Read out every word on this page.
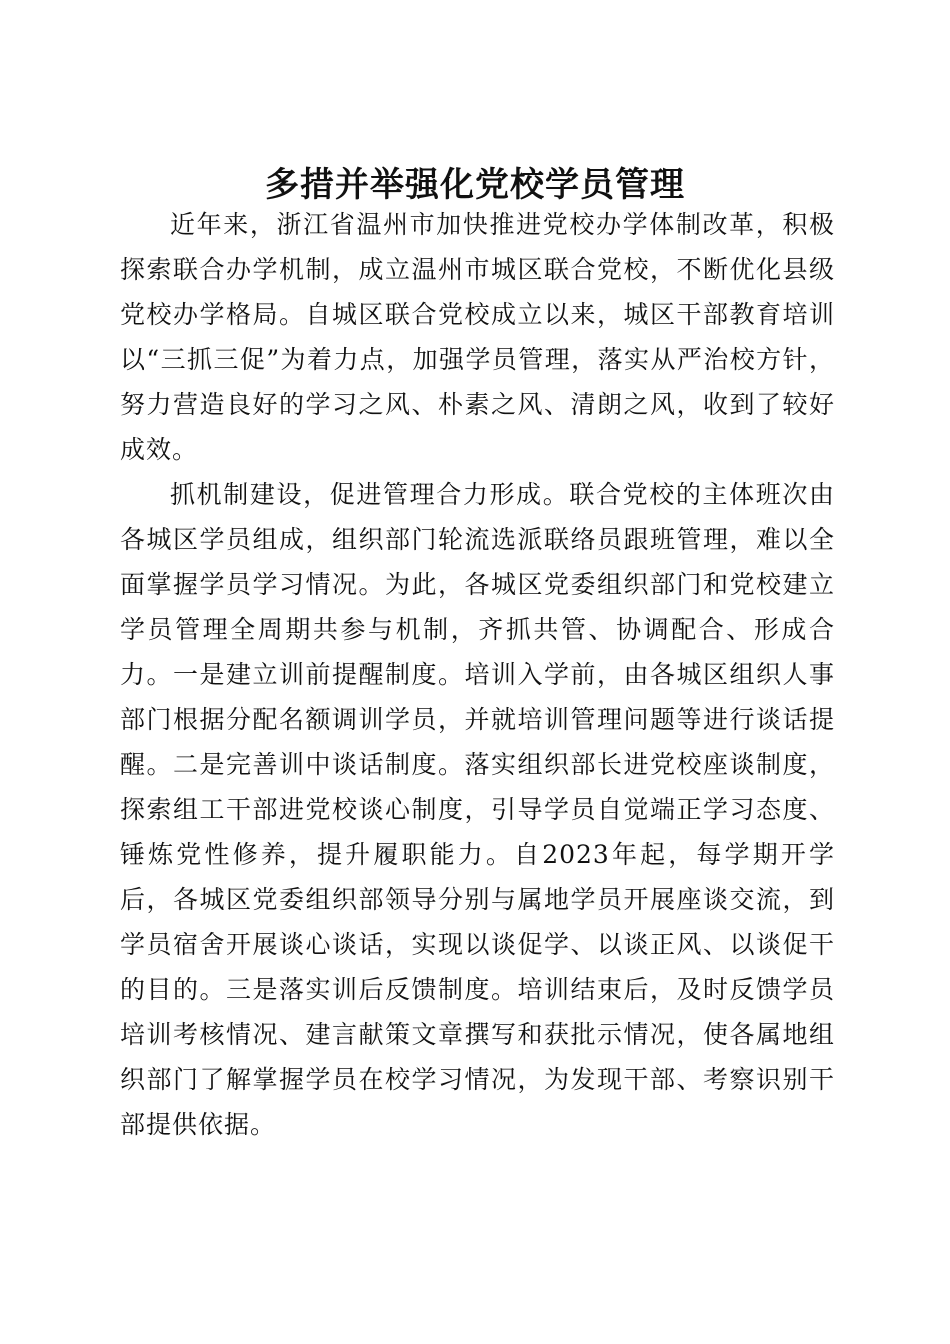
多措并举强化党校学员管理

近年来，浙江省温州市加快推进党校办学体制改革，积极探索联合办学机制，成立温州市城区联合党校，不断优化县级党校办学格局。自城区联合党校成立以来，城区干部教育培训以“三抓三促”为着力点，加强学员管理，落实从严治校方针，努力营造良好的学习之风、朴素之风、清朗之风，收到了较好成效。

抓机制建设，促进管理合力形成。联合党校的主体班次由各城区学员组成，组织部门轮流选派联络员跟班管理，难以全面掌握学员学习情况。为此，各城区党委组织部门和党校建立学员管理全周期共参与机制，齐抓共管、协调配合、形成合力。一是建立训前提醒制度。培训入学前，由各城区组织人事部门根据分配名额调训学员，并就培训管理问题等进行谈话提醒。二是完善训中谈话制度。落实组织部长进党校座谈制度，探索组工干部进党校谈心制度，引导学员自觉端正学习态度、锤炼党性修养，提升履职能力。自2023年起，每学期开学后，各城区党委组织部领导分别与属地学员开展座谈交流，到学员宿舍开展谈心谈话，实现以谈促学、以谈正风、以谈促干的目的。三是落实训后反馈制度。培训结束后，及时反馈学员培训考核情况、建言献策文章撰写和获批示情况，使各属地组织部门了解掌握学员在校学习情况，为发现干部、考察识别干部提供依据。
